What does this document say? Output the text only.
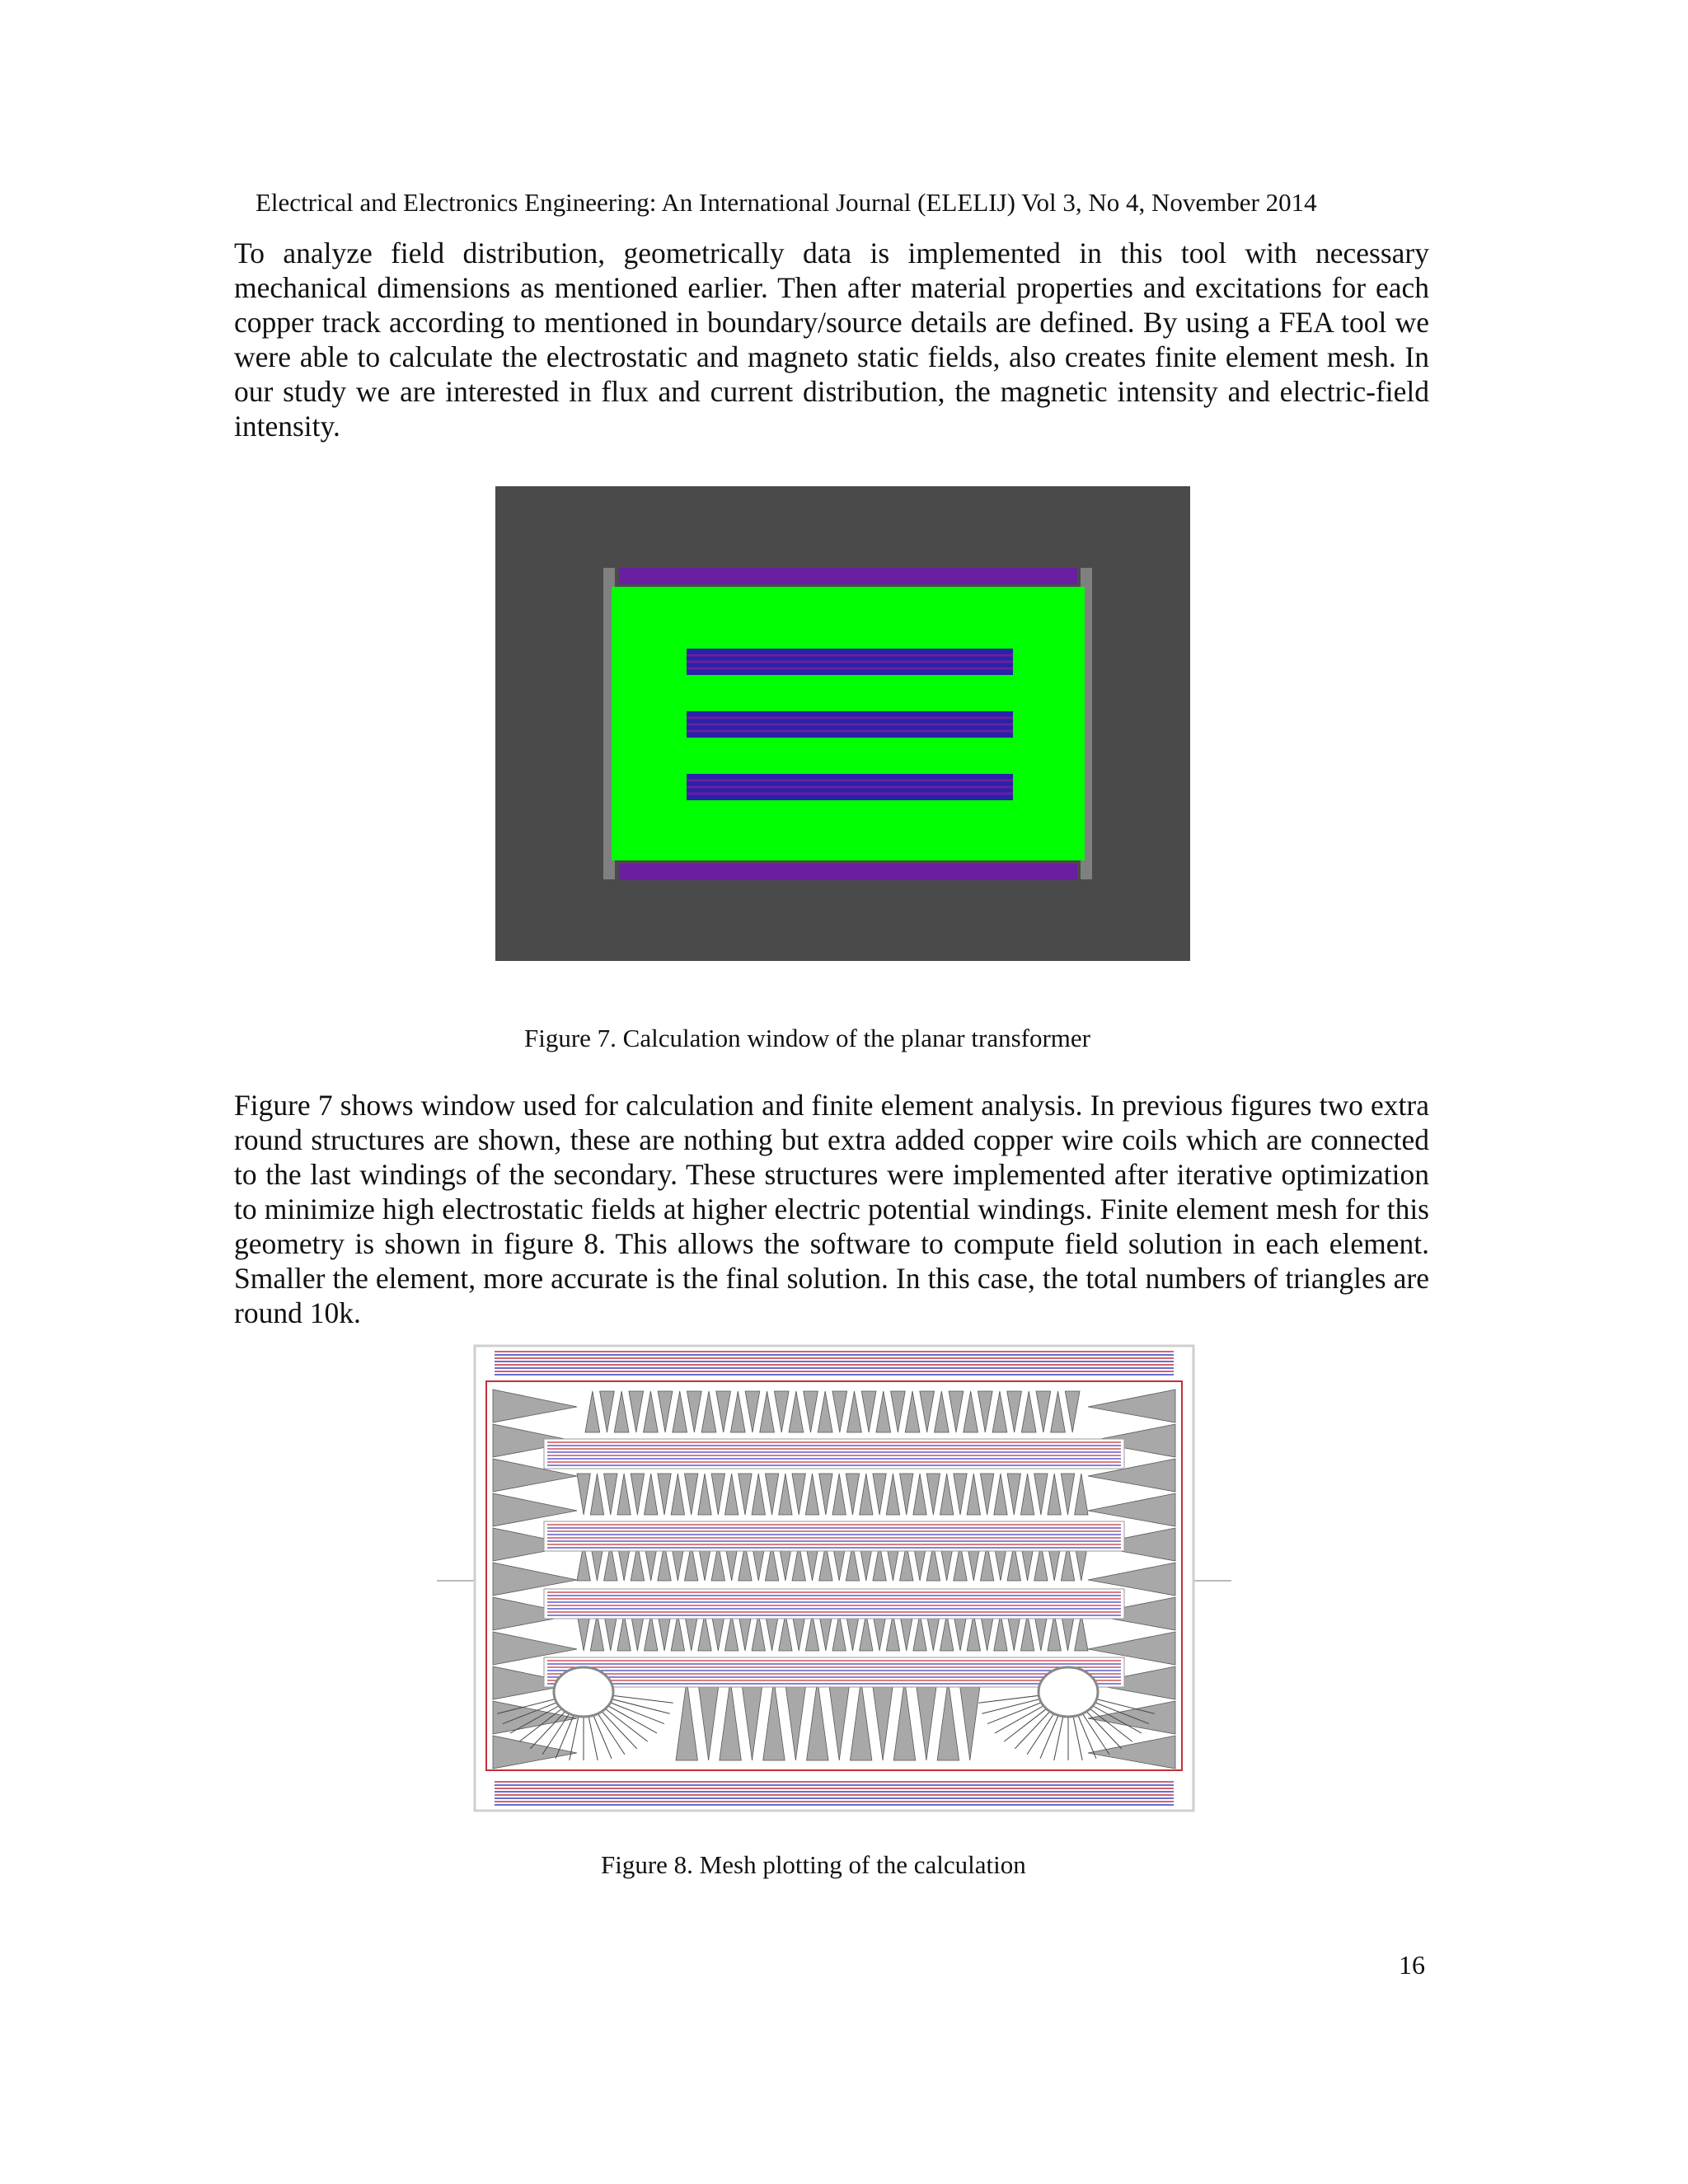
Electrical and Electronics Engineering: An International Journal (ELELIJ) Vol 3, No 4, November 2014

To analyze field distribution, geometrically data is implemented in this tool with necessary mechanical dimensions as mentioned earlier. Then after material properties and excitations for each copper track according to mentioned in boundary/source details are defined. By using a FEA tool we were able to calculate the electrostatic and magneto static fields, also creates finite element mesh. In our study we are interested in flux and current distribution, the magnetic intensity and electric-field intensity.

Figure 7. Calculation window of the planar transformer

Figure 7 shows window used for calculation and finite element analysis. In previous figures two extra round structures are shown, these are nothing but extra added copper wire coils which are connected to the last windings of the secondary. These structures were implemented after iterative optimization to minimize high electrostatic fields at higher electric potential windings. Finite element mesh for this geometry is shown in figure 8. This allows the software to compute field solution in each element. Smaller the element, more accurate is the final solution. In this case, the total numbers of triangles are round 10k.

Figure 8. Mesh plotting of the calculation
16
